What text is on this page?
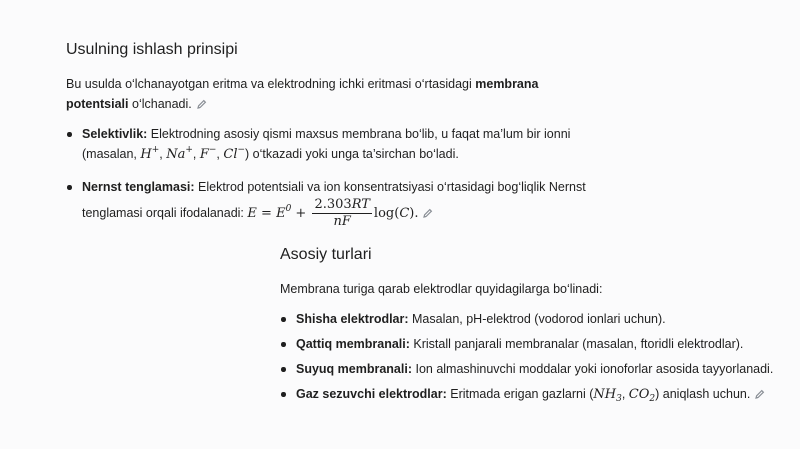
Usulning ishlash prinsipi

Bu usulda o‘lchanayotgan eritma va elektrodning ichki eritmasi o‘rtasidagi membrana potentsiali o‘lchanadi.

Selektivlik: Elektrodning asosiy qismi maxsus membrana bo‘lib, u faqat ma’lum bir ionni (masalan, H+, Na+, F−, Cl−) o‘tkazadi yoki unga ta’sirchan bo‘ladi.
Nernst tenglamasi: Elektrod potentsiali va ion konsentratsiyasi o‘rtasidagi bog‘liqlik Nernst tenglamasi orqali ifodalanadi: $E = E^0 + \frac{2.303RT}{nF} \log(C)$.
Asosiy turlari

Membrana turiga qarab elektrodlar quyidagilarga bo‘linadi:

Shisha elektrodlar: Masalan, pH-elektrod (vodorod ionlari uchun).
Qattiq membranali: Kristall panjarali membranalar (masalan, ftoridli elektrodlar).
Suyuq membranali: Ion almashinuvchi moddalar yoki ionoforlar asosida tayyorlanadi.
Gaz sezuvchi elektrodlar: Eritmada erigan gazlarni ($NH_3$, $CO_2$) aniqlash uchun.
